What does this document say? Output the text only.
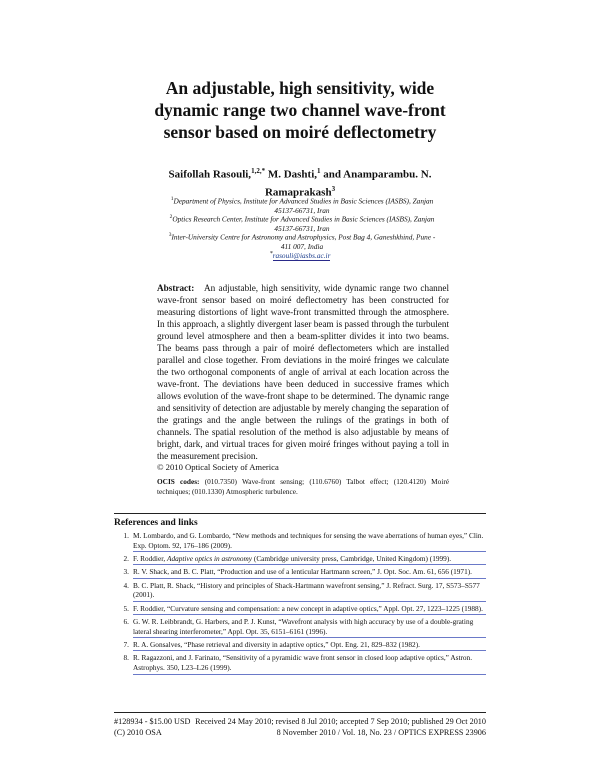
An adjustable, high sensitivity, wide
dynamic range two channel wave-front
sensor based on moiré deflectometry
Saifollah Rasouli,$^{1,2,*}$ M. Dashti,$^1$ and Anamparambu. N.
Ramaprakash$^3$
$^1$Department of Physics, Institute for Advanced Studies in Basic Sciences (IASBS), Zanjan
45137-66731, Iran
$^2$Optics Research Center, Institute for Advanced Studies in Basic Sciences (IASBS), Zanjan
45137-66731, Iran
$^3$Inter-University Centre for Astronomy and Astrophysics, Post Bag 4, Ganeshkhind, Pune -
411 007, India
*rasouli@iasbs.ac.ir
Abstract: An adjustable, high sensitivity, wide dynamic range two channel wave-front sensor based on moiré deflectometry has been constructed for measuring distortions of light wave-front transmitted through the atmosphere. In this approach, a slightly divergent laser beam is passed through the turbulent ground level atmosphere and then a beam-splitter divides it into two beams. The beams pass through a pair of moiré deflectometers which are installed parallel and close together. From deviations in the moiré fringes we calculate the two orthogonal components of angle of arrival at each location across the wave-front. The deviations have been deduced in successive frames which allows evolution of the wave-front shape to be determined. The dynamic range and sensitivity of detection are adjustable by merely changing the separation of the gratings and the angle between the rulings of the gratings in both of channels. The spatial resolution of the method is also adjustable by means of bright, dark, and virtual traces for given moiré fringes without paying a toll in the measurement precision.
© 2010 Optical Society of America
OCIS codes: (010.7350) Wave-front sensing; (110.6760) Talbot effect; (120.4120) Moiré techniques; (010.1330) Atmospheric turbulence.
References and links
1. M. Lombardo, and G. Lombardo, “New methods and techniques for sensing the wave aberrations of human eyes,” Clin. Exp. Optom. 92, 176–186 (2009).
2. F. Roddier, Adaptive optics in astronomy (Cambridge university press, Cambridge, United Kingdom) (1999).
3. R. V. Shack, and B. C. Platt, “Production and use of a lenticular Hartmann screen,” J. Opt. Soc. Am. 61, 656 (1971).
4. B. C. Platt, R. Shack, “History and principles of Shack-Hartmann wavefront sensing,” J. Refract. Surg. 17, S573–S577 (2001).
5. F. Roddier, “Curvature sensing and compensation: a new concept in adaptive optics,” Appl. Opt. 27, 1223–1225 (1988).
6. G. W. R. Leibbrandt, G. Harbers, and P. J. Kunst, “Wavefront analysis with high accuracy by use of a double-grating lateral shearing interferometer,” Appl. Opt. 35, 6151–6161 (1996).
7. R. A. Gonsalves, “Phase retrieval and diversity in adaptive optics,” Opt. Eng. 21, 829–832 (1982).
8. R. Ragazzoni, and J. Farinato, “Sensitivity of a pyramidic wave front sensor in closed loop adaptive optics,” Astron. Astrophys. 350, L23–L26 (1999).
#128934 - $15.00 USD Received 24 May 2010; revised 8 Jul 2010; accepted 7 Sep 2010; published 29 Oct 2010
(C) 2010 OSA	8 November 2010 / Vol. 18, No. 23 / OPTICS EXPRESS 23906
